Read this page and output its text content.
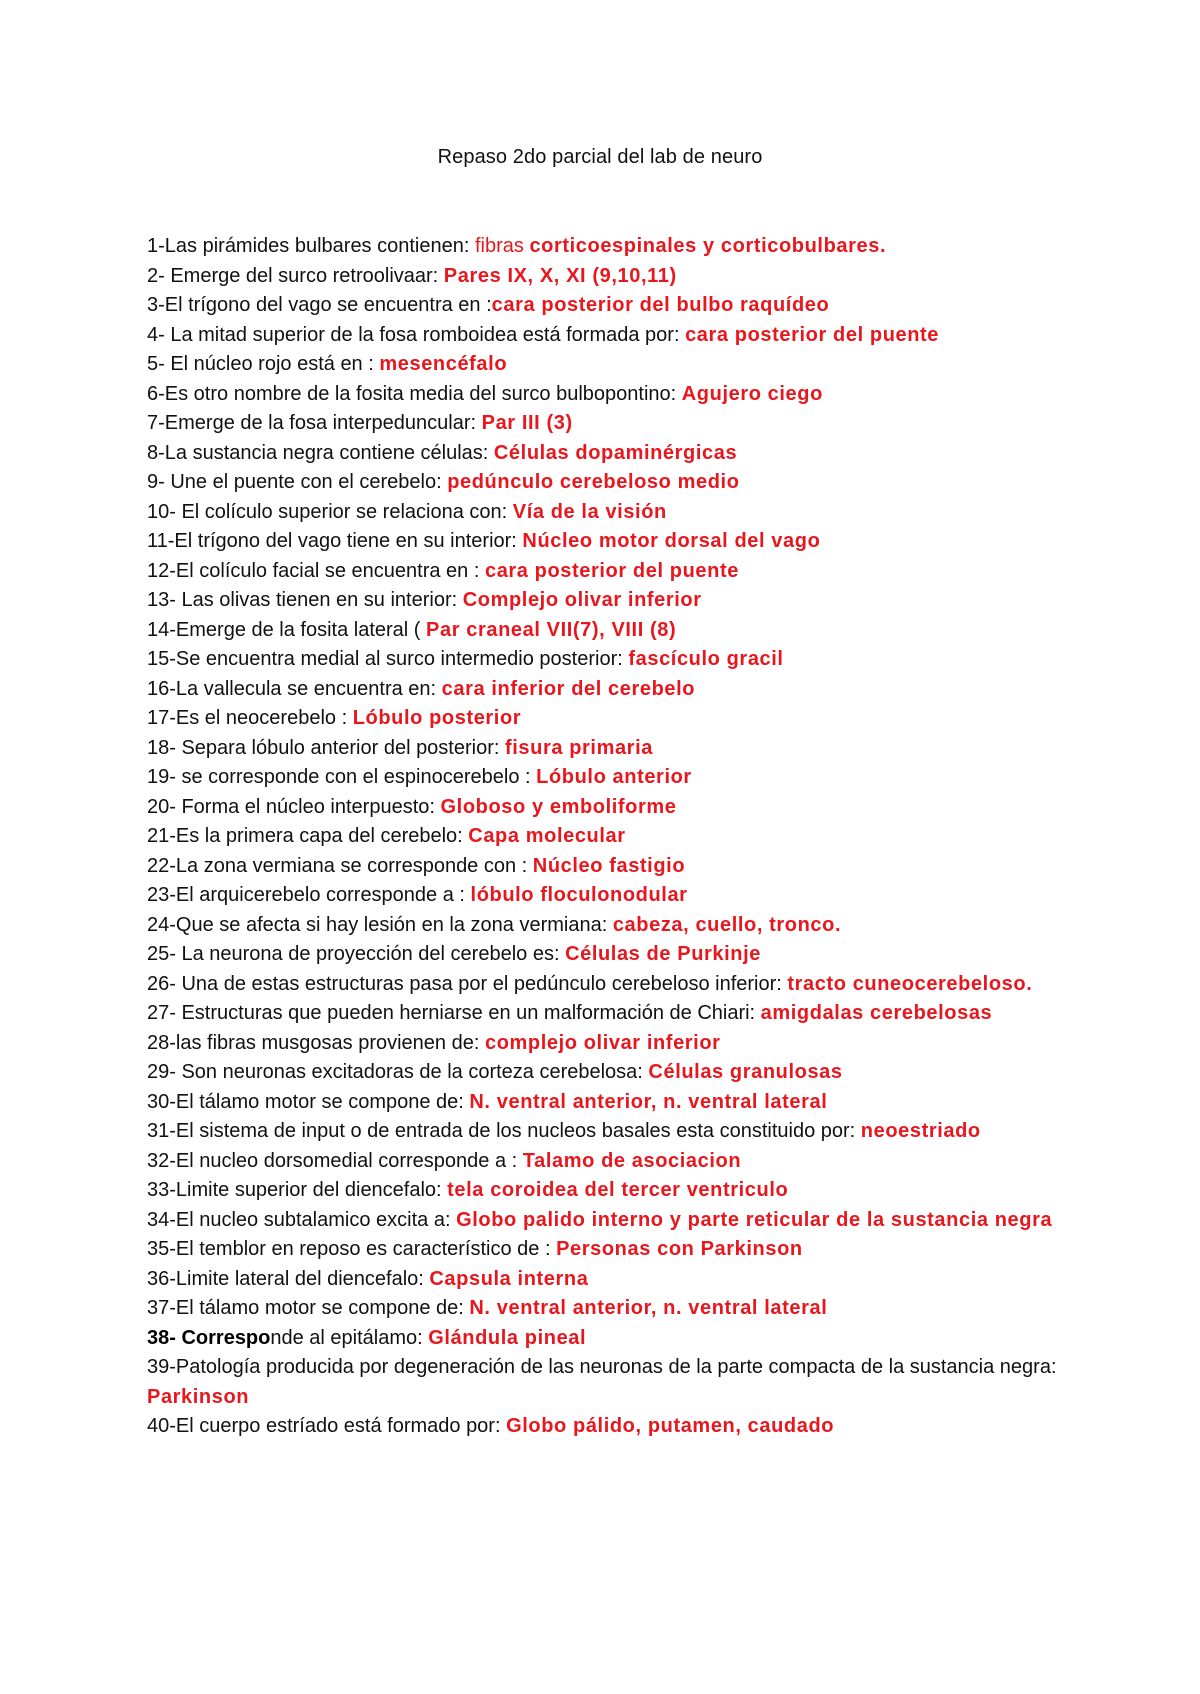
Repaso 2do parcial del lab de neuro

1-Las pirámides bulbares contienen: fibras corticoespinales y corticobulbares.

2- Emerge del surco retroolivaar: Pares IX, X, XI (9,10,11)

3-El trígono del vago se encuentra en :cara posterior del bulbo raquídeo

4- La mitad superior de la fosa romboidea está formada por: cara posterior del puente

5- El núcleo rojo está en : mesencéfalo

6-Es otro nombre de la fosita media del surco bulbopontino: Agujero ciego

7-Emerge de la fosa interpeduncular: Par III (3)

8-La sustancia negra contiene células: Células dopaminérgicas

9- Une el puente con el cerebelo: pedúnculo cerebeloso medio

10- El colículo superior se relaciona con: Vía de la visión

11-El trígono del vago tiene en su interior: Núcleo motor dorsal del vago

12-El colículo facial se encuentra en : cara posterior del puente

13- Las olivas tienen en su interior: Complejo olivar inferior

14-Emerge de la fosita lateral ( Par craneal VII(7), VIII (8)

15-Se encuentra medial al surco intermedio posterior: fascículo gracil

16-La vallecula se encuentra en: cara inferior del cerebelo

17-Es el neocerebelo : Lóbulo posterior

18- Separa lóbulo anterior del posterior: fisura primaria

19- se corresponde con el espinocerebelo : Lóbulo anterior

20- Forma el núcleo interpuesto: Globoso y emboliforme

21-Es la primera capa del cerebelo: Capa molecular

22-La zona vermiana se corresponde con : Núcleo fastigio

23-El arquicerebelo corresponde a : lóbulo floculonodular

24-Que se afecta si hay lesión en la zona vermiana: cabeza, cuello, tronco.

25- La neurona de proyección del cerebelo es: Células de Purkinje

26- Una de estas estructuras pasa por el pedúnculo cerebeloso inferior: tracto cuneocerebeloso.

27- Estructuras que pueden herniarse en un malformación de Chiari: amigdalas cerebelosas

28-las fibras musgosas provienen de: complejo olivar inferior

29- Son neuronas excitadoras de la corteza cerebelosa: Células granulosas

30-El tálamo motor se compone de: N. ventral anterior, n. ventral lateral

31-El sistema de input o de entrada de los nucleos basales esta constituido por: neoestriado

32-El nucleo dorsomedial corresponde a : Talamo de asociacion

33-Limite superior del diencefalo: tela coroidea del tercer ventriculo

34-El nucleo subtalamico excita a: Globo palido interno y parte reticular de la sustancia negra

35-El temblor en reposo es característico de : Personas con Parkinson

36-Limite lateral del diencefalo: Capsula interna

37-El tálamo motor se compone de: N. ventral anterior, n. ventral lateral

38- Corresponde al epitálamo: Glándula pineal

39-Patología producida por degeneración de las neuronas de la parte compacta de la sustancia negra: Parkinson

40-El cuerpo estríado está formado por: Globo pálido, putamen, caudado
